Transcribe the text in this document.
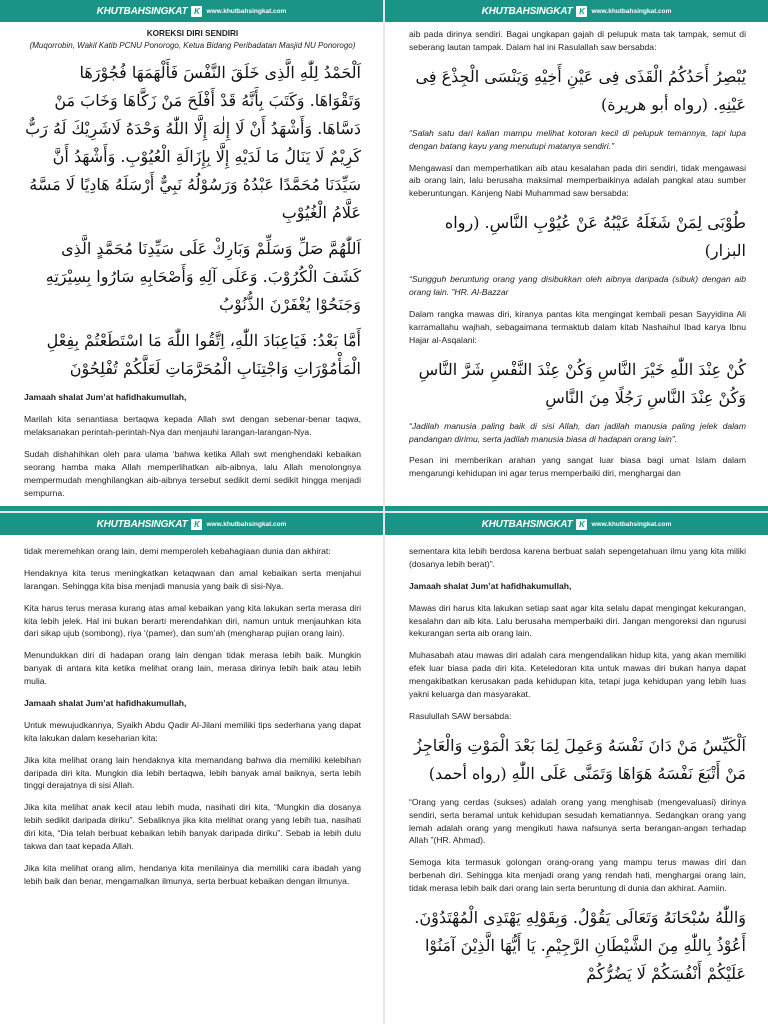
KHUTBAHSINGKAT K	www.khutbahsingkat.com

KOREKSI DIRI SENDIRI

(Muqorrobin, Wakil Katib PCNU Ponorogo, Ketua Bidang Peribadatan Masjid NU Ponorogo)

اَلْحَمْدُ لِلّٰهِ الَّذِى خَلَقَ النَّفْسَ فَأَلْهَمَهَا فُجُوْرَهَا وَتَقْوَاهَا. وَكَتَبَ بِأَنَّهُ قَدْ أَفْلَحَ مَنْ زَكَّاهَا وَخَابَ مَنْ دَسَّاهَا. وَأَشْهَدُ أَنْ لَا إِلٰهَ إِلَّا اللّٰهُ وَحْدَهُ لَاشَرِيْكَ لَهُ رَبٌّ كَرِيْمٌ لَا يَنَالُ مَا لَدَيْهِ إِلَّا بِإِزَالَةِ الْعُيُوْبِ. وَأَشْهَدُ أَنَّ سَيِّدَنَا مُحَمَّدًا عَبْدُهُ وَرَسُوْلُهُ نَبِيٌّ أَرْسَلَهُ هَادِيًا لَا مَسَّهُ عَلَّامُ الْغُيُوْبِ

اَللّٰهُمَّ صَلِّ وَسَلِّمْ وَبَارِكْ عَلَى سَيِّدِنَا مُحَمَّدٍ الَّذِى كَشَفَ الْكُرُوْبَ. وَعَلَى آلِهِ وَأَصْحَابِهِ سَارُوا بِسِيْرَتِهِ وَجَنَحُوْا يُغْفَرْنَ الذُّنُوْبُ

أَمَّا بَعْدُ: فَيَاعِبَادَ اللّٰهِ، اِتَّقُوا اللّٰهَ مَا اسْتَطَعْتُمْ بِفِعْلِ الْمَأْمُوْرَاتِ وَاجْتِنَابِ الْمُحَرَّمَاتِ لَعَلَّكُمْ تُفْلِحُوْنَ

Jamaah shalat Jum’at hafidhakumullah,

Marilah kita senantiasa bertaqwa kepada Allah swt dengan sebenar-benar taqwa, melaksanakan perintah-perintah-Nya dan menjauhi larangan-larangan-Nya.

Sudah dishahihkan oleh para ulama ‘bahwa ketika Allah swt menghendaki kebaikan seorang hamba maka Allah memperlihatkan aib-aibnya, lalu Allah menolongnya mempermudah menghilangkan aib-aibnya tersebut sedikit demi sedikit hingga menjadi sempurna.

KHUTBAHSINGKAT K	www.khutbahsingkat.com

aib pada dirinya sendiri. Bagai ungkapan gajah di pelupuk mata tak tampak, semut di seberang lautan tampak. Dalam hal ini Rasulallah saw bersabda:

يُبْصِرُ أَحَدُكُمُ الْقَذَى فِى عَيْنِ أَخِيْهِ وَيَنْسَى الْجِذْعَ فِى عَيْنِهِ. (رواه أبو هريرة)

“Salah satu dari kalian mampu melihat kotoran kecil di pelupuk temannya, tapi lupa dengan batang kayu yang menutupi matanya sendiri.”

Mengawasi dan memperhatikan aib atau kesalahan pada diri sendiri, tidak mengawasi aib orang lain, lalu berusaha maksimal memperbaikinya adalah pangkal atau sumber keberuntungan. Kanjeng Nabi Muhammad saw bersabda:

طُوْبَى لِمَنْ شَغَلَهُ عَيْبُهُ عَنْ عُيُوْبِ النَّاسِ. (رواه البزار)

“Sungguh beruntung orang yang disibukkan oleh aibnya daripada (sibuk) dengan aib orang lain. ”HR. Al-Bazzar

Dalam rangka mawas diri, kiranya pantas kita mengingat kembali pesan Sayyidina Ali karramallahu wajhah, sebagaimana termaktub dalam kitab Nashaihul Ibad karya Ibnu Hajar al-Asqalani:

كُنْ عِنْدَ اللّٰهِ خَيْرَ النَّاسِ وَكُنْ عِنْدَ النَّفْسِ شَرَّ النَّاسِ وَكُنْ عِنْدَ النَّاسِ رَجُلًا مِنَ النَّاسِ

“Jadilah manusia paling baik di sisi Allah, dan jadilah manusia paling jelek dalam pandangan dirimu, serta jadilah manusia biasa di hadapan orang lain”.

Pesan ini memberikan arahan yang sangat luar biasa bagi umat Islam dalam mengarungi kehidupan ini agar terus memperbaiki diri, menghargai dan

KHUTBAHSINGKAT K	www.khutbahsingkat.com

tidak meremehkan orang lain, demi memperoleh kebahagiaan dunia dan akhirat:

Hendaknya kita terus meningkatkan ketaqwaan dan amal kebaikan serta menjahui larangan. Sehingga kita bisa menjadi manusia yang baik di sisi-Nya.

Kita harus terus merasa kurang atas amal kebaikan yang kita lakukan serta merasa diri kita lebih jelek. Hal ini bukan berarti merendahkan diri, namun untuk menjauhkan kita dari sikap ujub (sombong), riya ‘(pamer), dan sum’ah (mengharap pujian orang lain).

Menundukkan diri di hadapan orang lain dengan tidak merasa lebih baik. Mungkin banyak di antara kita ketika melihat orang lain, merasa dirinya lebih baik atau lebih mulia.

Jamaah shalat Jum’at hafidhakumullah,

Untuk mewujudkannya, Syaikh Abdu Qadir Al-Jilani memiliki tips sederhana yang dapat kita lakukan dalam keseharian kita:

Jika kita melihat orang lain hendaknya kita memandang bahwa dia memiliki kelebihan daripada diri kita. Mungkin dia lebih bertaqwa, lebih banyak amal baiknya, serta lebih tinggi derajatnya di sisi Allah.

Jika kita melihat anak kecil atau lebih muda, nasihati diri kita, “Mungkin dia dosanya lebih sedikit daripada diriku”. Sebaliknya jika kita melihat orang yang lebih tua, nasihati diri kita, “Dia telah berbuat kebaikan lebih banyak daripada diriku”. Sebab ia lebih dulu takwa dan taat kepada Allah.

Jika kita melihat orang alim, hendanya kita menilainya dia memiliki cara ibadah yang lebih baik dan benar, mengamalkan ilmunya, serta berbuat kebaikan dengan ilmunya.

KHUTBAHSINGKAT K	www.khutbahsingkat.com

sementara kita lebih berdosa karena berbuat salah sepengetahuan ilmu yang kita miliki (dosanya lebih berat)”.

Jamaah shalat Jum’at hafidhakumullah,

Mawas diri harus kita lakukan setiap saat agar kita selalu dapat mengingat kekurangan, kesalahn dan aib kita. Lalu berusaha memperbaiki diri. Jangan mengoreksi dan ngurusi kekurangan serta aib orang lain.

Muhasabah atau mawas diri adalah cara mengendalikan hidup kita, yang akan memiliki efek luar biasa pada diri kita. Keteledoran kita untuk mawas diri bukan hanya dapat mengakibatkan kerusakan pada kehidupan kita, tetapi juga kehidupan yang lebih luas yakni keluarga dan masyarakat.

Rasulullah SAW bersabda:

اَلْكَيِّسُ مَنْ دَانَ نَفْسَهُ وَعَمِلَ لِمَا بَعْدَ الْمَوْتِ وَالْعَاجِزُ مَنْ أَتْبَعَ نَفْسَهُ هَوَاهَا وَتَمَنَّى عَلَى اللّٰهِ (رواه أحمد)

“Orang yang cerdas (sukses) adalah orang yang menghisab (mengevaluasi) dirinya sendiri, serta beramal untuk kehidupan sesudah kematiannya. Sedangkan orang yang lemah adalah orang yang mengikuti hawa nafsunya serta berangan-angan terhadap Allah ”(HR. Ahmad).

Semoga kita termasuk golongan orang-orang yang mampu terus mawas diri dan berbenah diri. Sehingga kita menjadi orang yang rendah hati, menghargai orang lain, tidak merasa lebih baik dari orang lain serta beruntung di dunia dan akhirat. Aamiin.

وَاللّٰهُ سُبْحَانَهُ وَتَعَالَى يَقُوْلُ. وَبِقَوْلِهِ يَهْتَدِى الْمُهْتَدُوْنَ. أَعُوْذُ بِاللّٰهِ مِنَ الشَّيْطَانِ الرَّجِيْمِ. يَا أَيُّهَا الَّذِيْنَ آمَنُوْا عَلَيْكُمْ أَنْفُسَكُمْ لَا يَضُرُّكُمْ
